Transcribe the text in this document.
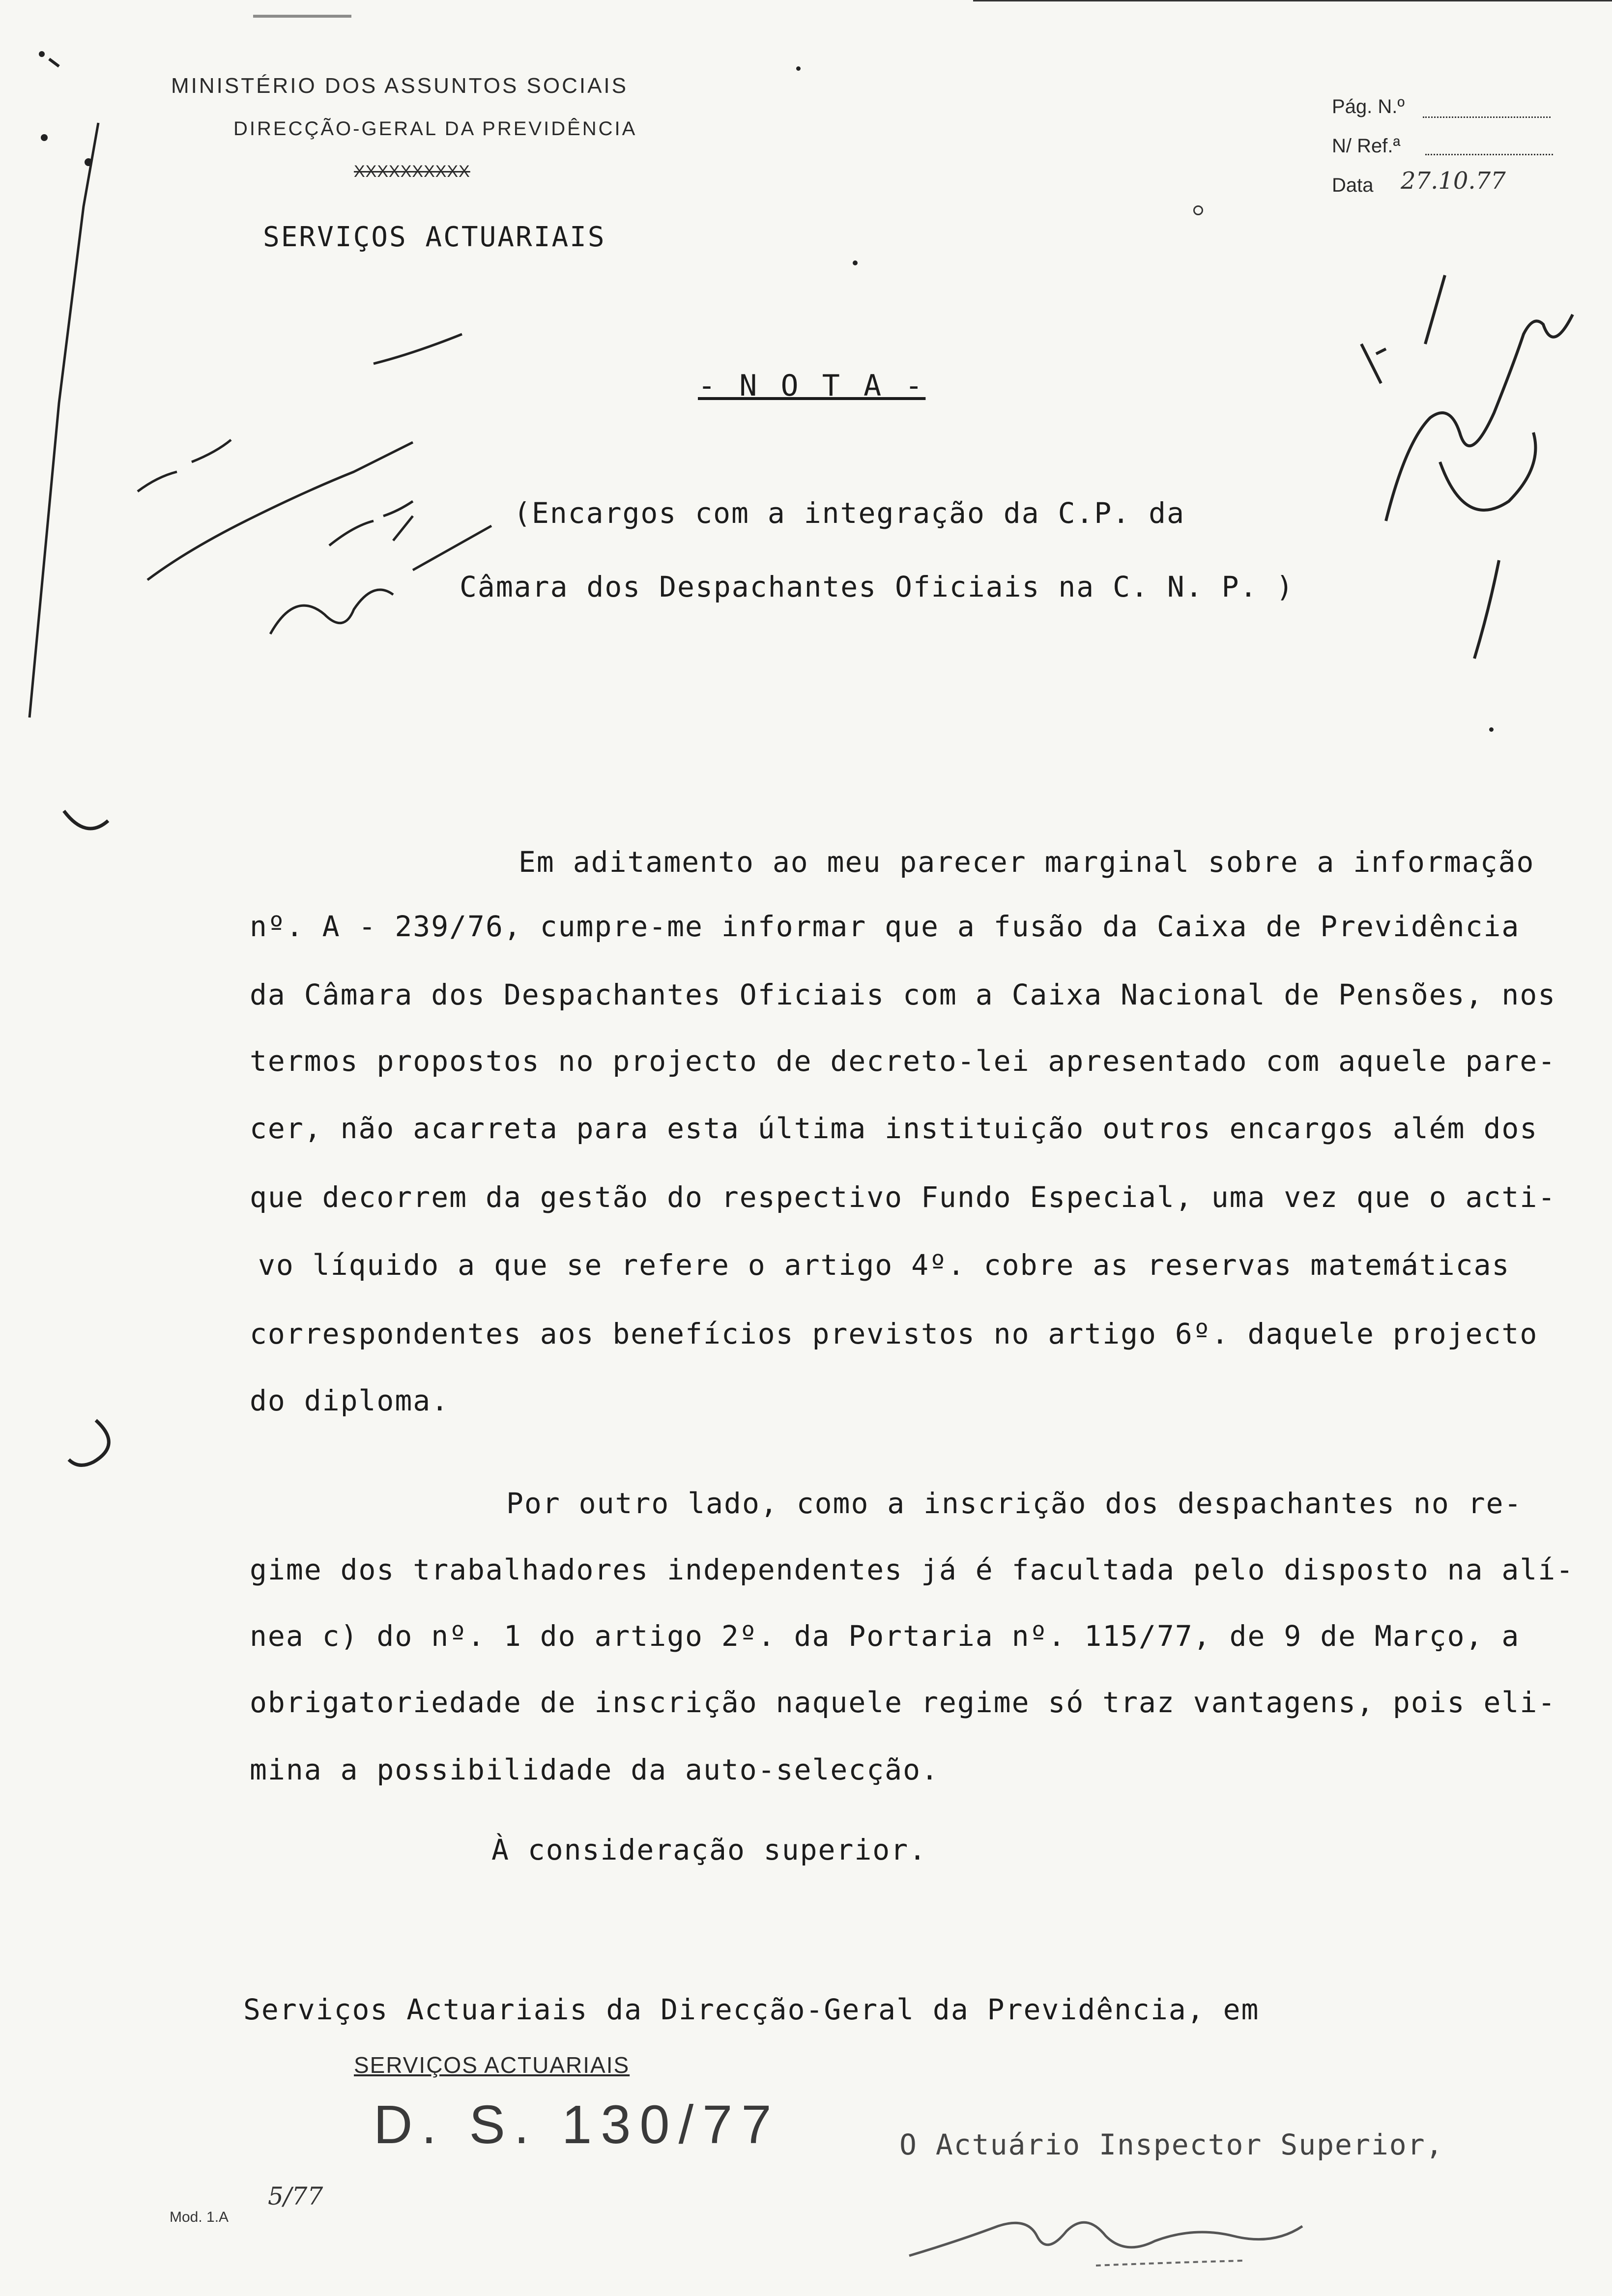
MINISTÉRIO DOS ASSUNTOS SOCIAIS
DIRECÇÃO-GERAL DA PREVIDÊNCIA
XXXXXXXXXX
SERVIÇOS ACTUARIAIS
Pág. N.º
N/ Ref.ª
Data 27.10.77
- N O T A -
(Encargos com a integração da C.P. da
Câmara dos Despachantes Oficiais na C. N. P. )
Em aditamento ao meu parecer marginal sobre a informação
nº. A - 239/76, cumpre-me informar que a fusão da Caixa de Previdência
da Câmara dos Despachantes Oficiais com a Caixa Nacional de Pensões, nos
termos propostos no projecto de decreto-lei apresentado com aquele pare-
cer, não acarreta para esta última instituição outros encargos além dos
que decorrem da gestão do respectivo Fundo Especial, uma vez que o acti-
vo líquido a que se refere o artigo 4º. cobre as reservas matemáticas
correspondentes aos benefícios previstos no artigo 6º. daquele projecto
do diploma.
Por outro lado, como a inscrição dos despachantes no re-
gime dos trabalhadores independentes já é facultada pelo disposto na alí-
nea c) do nº. 1 do artigo 2º. da Portaria nº. 115/77, de 9 de Março, a
obrigatoriedade de inscrição naquele regime só traz vantagens, pois eli-
mina a possibilidade da auto-selecção.
À consideração superior.
Serviços Actuariais da Direcção-Geral da Previdência, em
SERVIÇOS ACTUARIAIS
D. S. 130/77	O Actuário Inspector Superior,
Mod. 1.A
5/77
